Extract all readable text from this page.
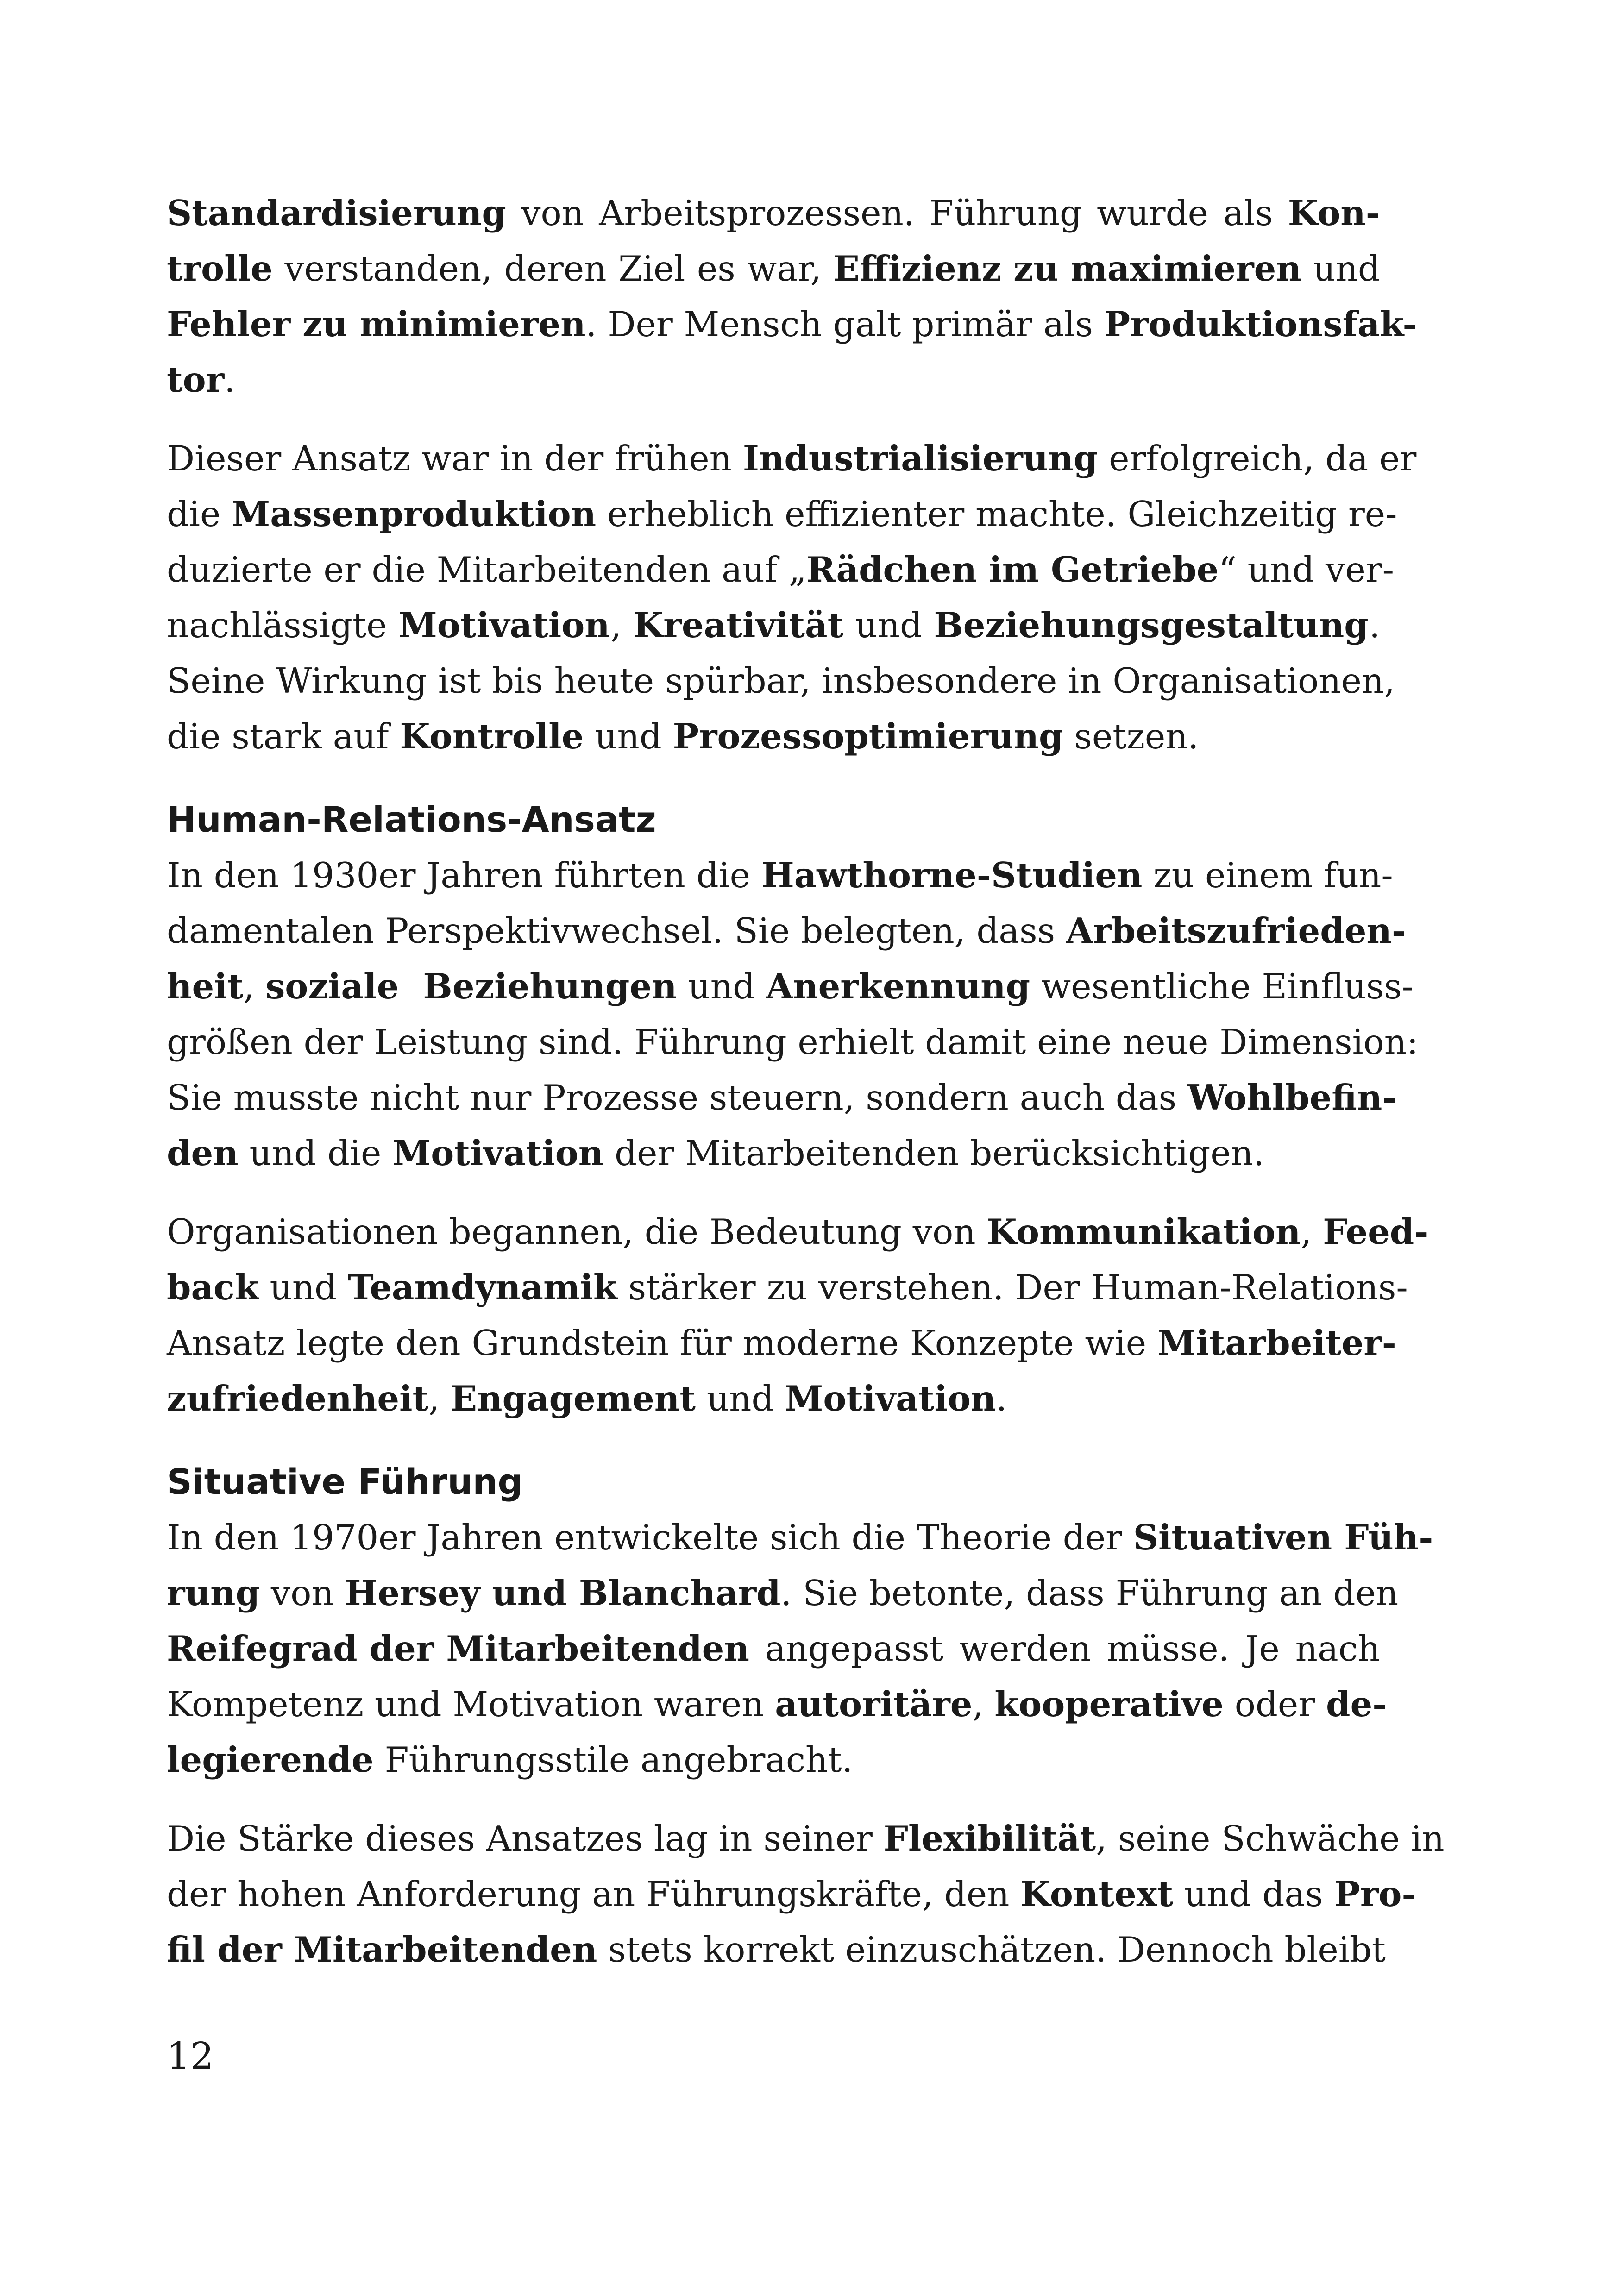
Standardisierung von Arbeitsprozessen. Führung wurde als Kon-
trolle verstanden, deren Ziel es war, Effizienz zu maximieren und
Fehler zu minimieren . Der Mensch galt primär als Produktionsfak-
tor.
Dieser Ansatz war in der frühen Industrialisierung erfolgreich, da er
die Massenproduktion erheblich effizienter machte. Gleichzeitig re-
duzierte er die Mitarbeitenden auf „ Rädchen im Getriebe “ und ver-
nachlässigte Motivation , Kreativität und Beziehungsgestaltung .
Seine Wirkung ist bis heute spürbar, insbesondere in Organisationen,
die stark auf Kontrolle und Prozessoptimierung setzen.
Human-Relations-Ansatz
In den 1930er Jahren führten die Hawthorne-Studien zu einem fun-
damentalen Perspektivwechsel. Sie belegten, dass Arbeitszufrieden-
heit , soziale  Beziehungen und Anerkennung wesentliche Einfluss-
größen der Leistung sind. Führung erhielt damit eine neue Dimension:
Sie musste nicht nur Prozesse steuern, sondern auch das Wohlbefin-
den und die Motivation der Mitarbeitenden berücksichtigen.
Organisationen begannen, die Bedeutung von Kommunikation , Feed-
back und Teamdynamik stärker zu verstehen. Der Human-Relations-
Ansatz legte den Grundstein für moderne Konzepte wie Mitarbeiter-
zufriedenheit, Engagement und Motivation.
Situative Führung
In den 1970er Jahren entwickelte sich die Theorie der Situativen Füh-
rung von Hersey und Blanchard . Sie betonte, dass Führung an den
Reifegrad der Mitarbeitenden angepasst werden müsse. Je nach
Kompetenz und Motivation waren autoritäre , kooperative oder de-
legierende Führungsstile angebracht.
Die Stärke dieses Ansatzes lag in seiner Flexibilität , seine Schwäche in
der hohen Anforderung an Führungskräfte, den Kontext und das Pro-
fil der Mitarbeitenden stets korrekt einzuschätzen. Dennoch bleibt
12
